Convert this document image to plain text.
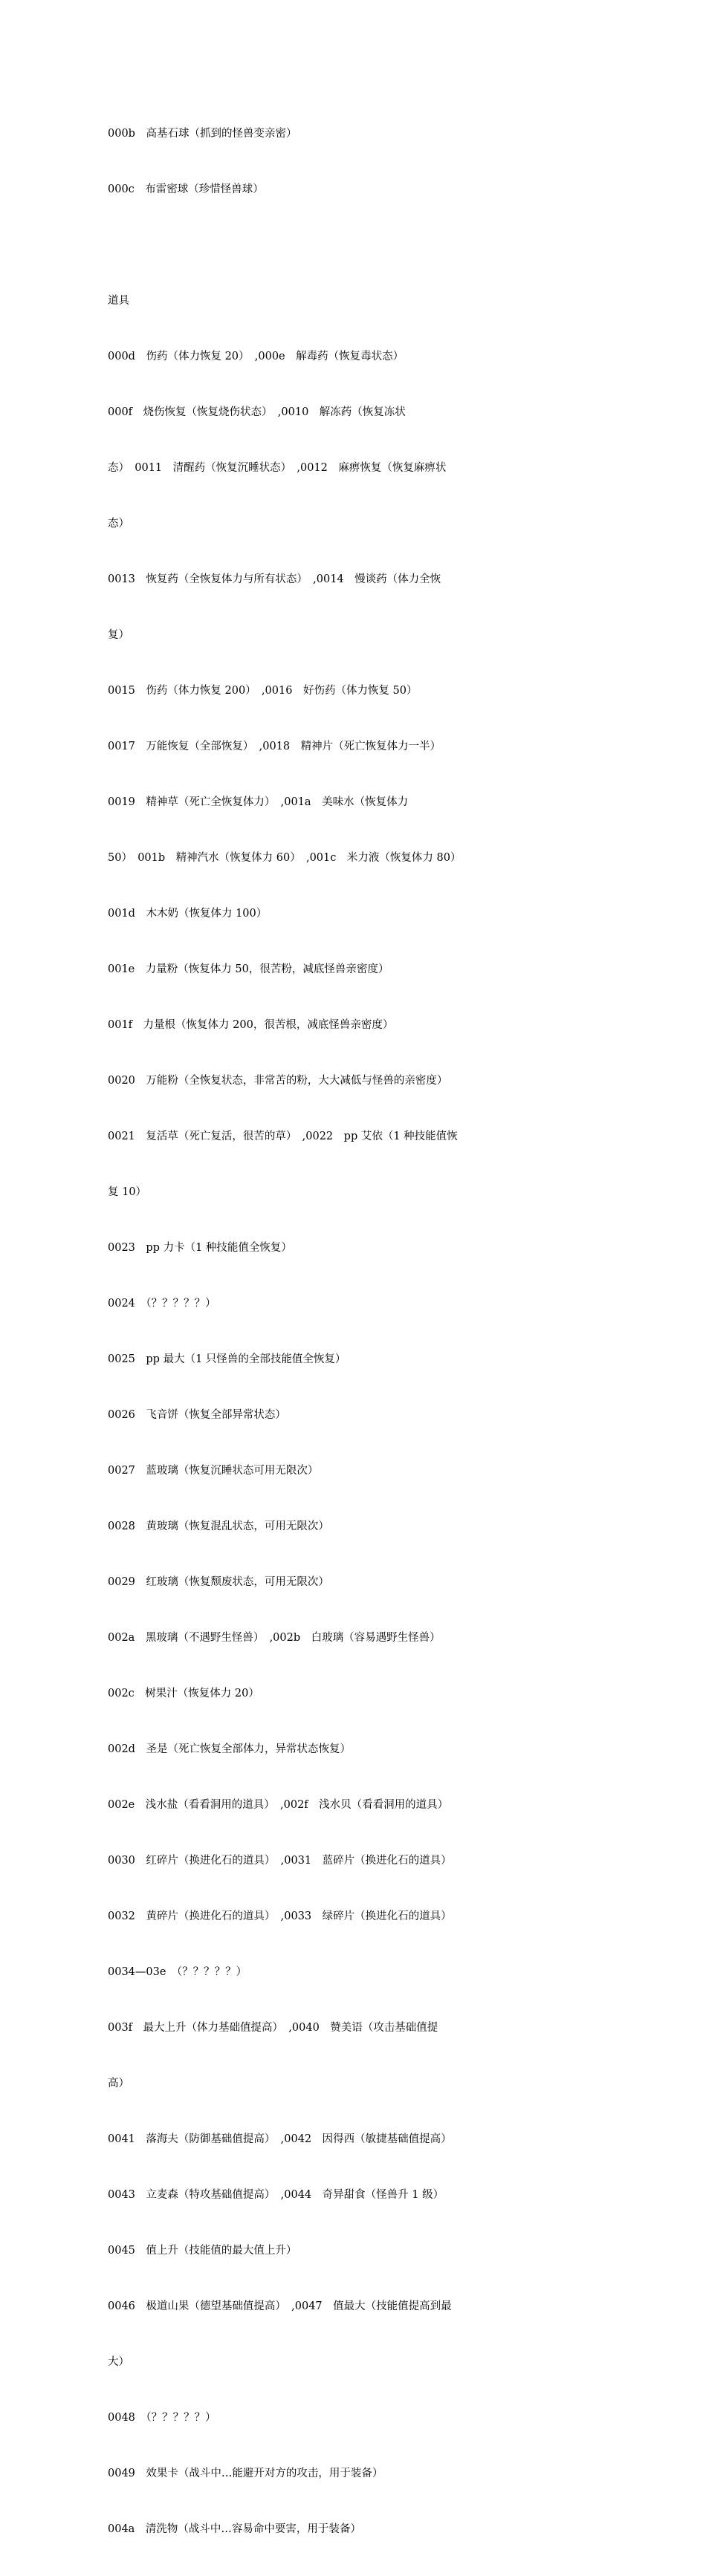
000b　高基石球（抓到的怪兽变亲密）

000c　布雷密球（珍惜怪兽球）

道具

000d　伤药（体力恢复 20）　,000e　解毒药（恢复毒状态）

000f　烧伤恢复（恢复烧伤状态）　,0010　解冻药（恢复冻状

态）　0011　清醒药（恢复沉睡状态）　,0012　麻痹恢复（恢复麻痹状

态）

0013　恢复药（全恢复体力与所有状态）　,0014　慢谈药（体力全恢

复）

0015　伤药（体力恢复 200）　,0016　好伤药（体力恢复 50）

0017　万能恢复（全部恢复）　,0018　精神片（死亡恢复体力一半）

0019　精神草（死亡全恢复体力）　,001a　美味水（恢复体力

50）　001b　精神汽水（恢复体力 60）　,001c　米力液（恢复体力 80）

001d　木木奶（恢复体力 100）

001e　力量粉（恢复体力 50，很苦粉，减底怪兽亲密度）

001f　力量根（恢复体力 200，很苦根，减底怪兽亲密度）

0020　万能粉（全恢复状态，非常苦的粉，大大减低与怪兽的亲密度）

0021　复活草（死亡复活，很苦的草）　,0022　pp 艾依（1 种技能值恢

复 10）

0023　pp 力卡（1 种技能值全恢复）

0024　（？？？？？）

0025　pp 最大（1 只怪兽的全部技能值全恢复）

0026　飞音饼（恢复全部异常状态）

0027　蓝玻璃（恢复沉睡状态可用无限次）

0028　黄玻璃（恢复混乱状态，可用无限次）

0029　红玻璃（恢复颓废状态，可用无限次）

002a　黑玻璃（不遇野生怪兽）　,002b　白玻璃（容易遇野生怪兽）

002c　树果汁（恢复体力 20）

002d　圣是（死亡恢复全部体力，异常状态恢复）

002e　浅水盐（看看洞用的道具）　,002f　浅水贝（看看洞用的道具）

0030　红碎片（换进化石的道具）　,0031　蓝碎片（换进化石的道具）

0032　黄碎片（换进化石的道具）　,0033　绿碎片（换进化石的道具）

0034—03e　（？？？？？）

003f　最大上升（体力基础值提高）　,0040　赞美语（攻击基础值提

高）

0041　落海夫（防御基础值提高）　,0042　因得西（敏捷基础值提高）

0043　立麦森（特攻基础值提高）　,0044　奇异甜食（怪兽升 1 级）

0045　值上升（技能值的最大值上升）

0046　极道山果（德望基础值提高）　,0047　值最大（技能值提高到最

大）

0048　（？？？？？）

0049　效果卡（战斗中…能避开对方的攻击，用于装备）

004a　清洗物（战斗中…容易命中要害，用于装备）
